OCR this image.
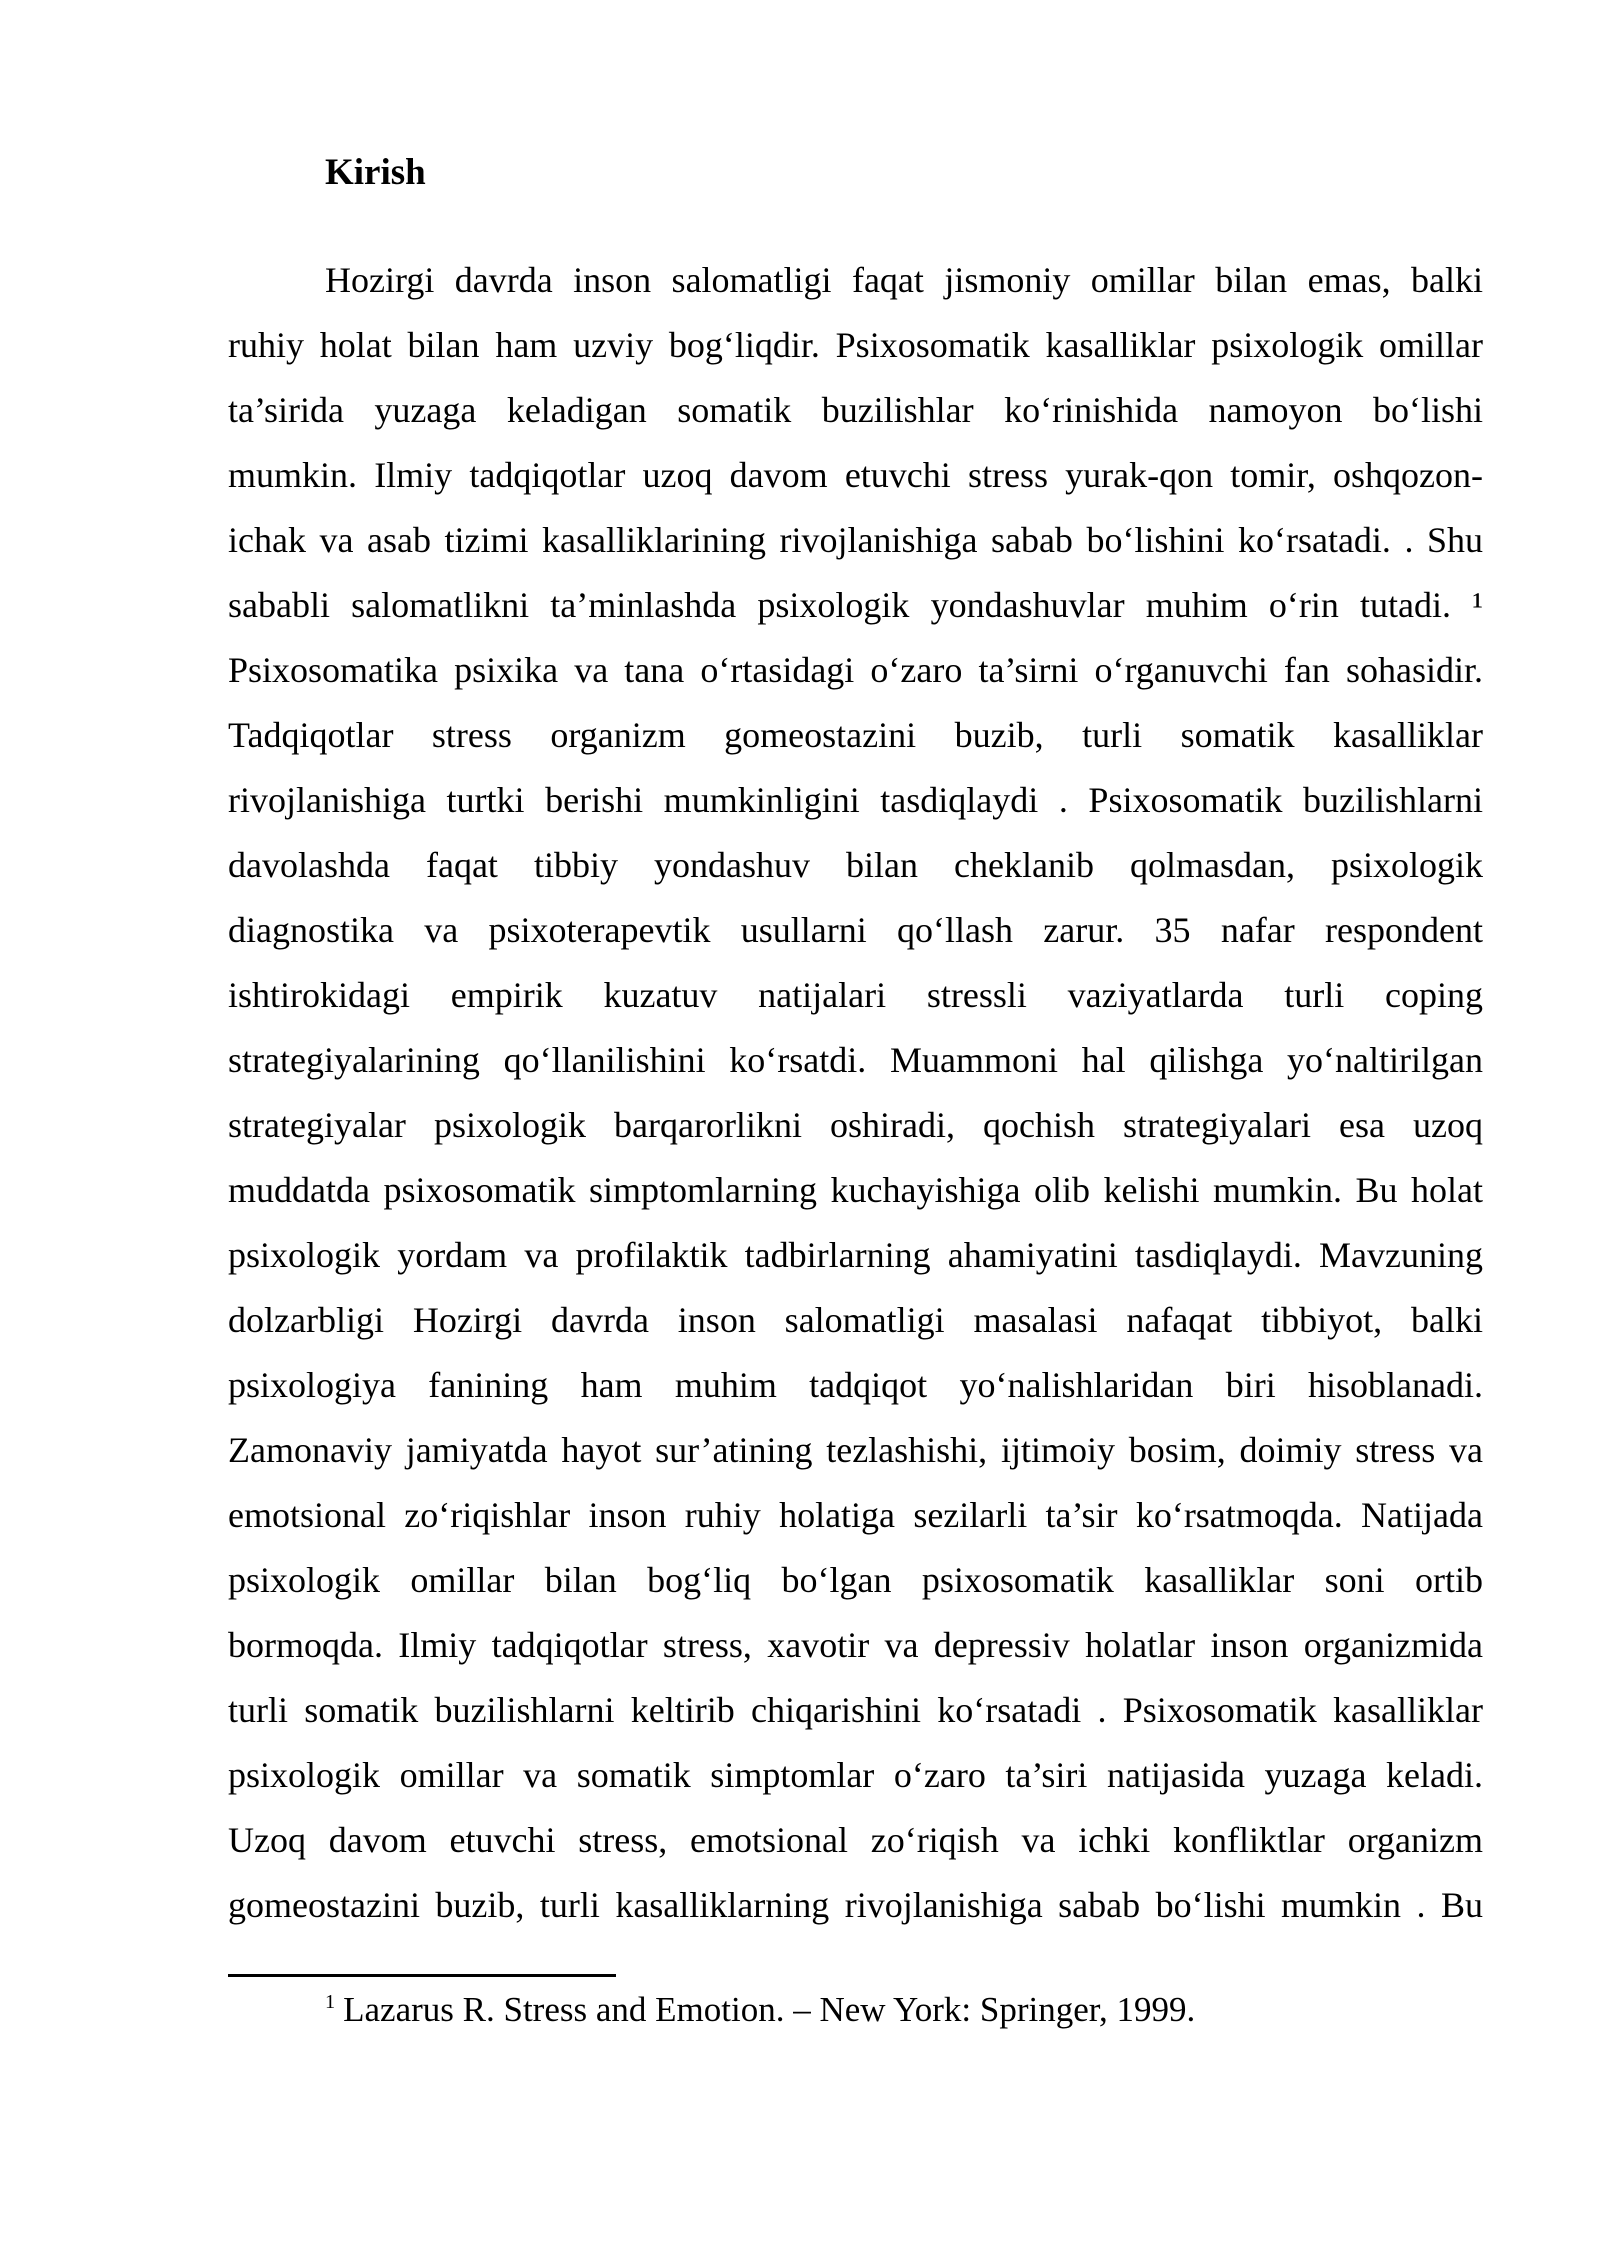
Kirish
Hozirgi davrda inson salomatligi faqat jismoniy omillar bilan emas, balki
ruhiy holat bilan ham uzviy bog‘liqdir. Psixosomatik kasalliklar psixologik omillar
ta’sirida yuzaga keladigan somatik buzilishlar ko‘rinishida namoyon bo‘lishi
mumkin. Ilmiy tadqiqotlar uzoq davom etuvchi stress yurak-qon tomir, oshqozon-
ichak va asab tizimi kasalliklarining rivojlanishiga sabab bo‘lishini ko‘rsatadi. . Shu
sababli salomatlikni ta’minlashda psixologik yondashuvlar muhim o‘rin tutadi. ¹
Psixosomatika psixika va tana o‘rtasidagi o‘zaro ta’sirni o‘rganuvchi fan sohasidir.
Tadqiqotlar stress organizm gomeostazini buzib, turli somatik kasalliklar
rivojlanishiga turtki berishi mumkinligini tasdiqlaydi . Psixosomatik buzilishlarni
davolashda faqat tibbiy yondashuv bilan cheklanib qolmasdan, psixologik
diagnostika va psixoterapevtik usullarni qo‘llash zarur. 35 nafar respondent
ishtirokidagi empirik kuzatuv natijalari stressli vaziyatlarda turli coping
strategiyalarining qo‘llanilishini ko‘rsatdi. Muammoni hal qilishga yo‘naltirilgan
strategiyalar psixologik barqarorlikni oshiradi, qochish strategiyalari esa uzoq
muddatda psixosomatik simptomlarning kuchayishiga olib kelishi mumkin. Bu holat
psixologik yordam va profilaktik tadbirlarning ahamiyatini tasdiqlaydi. Mavzuning
dolzarbligi Hozirgi davrda inson salomatligi masalasi nafaqat tibbiyot, balki
psixologiya fanining ham muhim tadqiqot yo‘nalishlaridan biri hisoblanadi.
Zamonaviy jamiyatda hayot sur’atining tezlashishi, ijtimoiy bosim, doimiy stress va
emotsional zo‘riqishlar inson ruhiy holatiga sezilarli ta’sir ko‘rsatmoqda. Natijada
psixologik omillar bilan bog‘liq bo‘lgan psixosomatik kasalliklar soni ortib
bormoqda. Ilmiy tadqiqotlar stress, xavotir va depressiv holatlar inson organizmida
turli somatik buzilishlarni keltirib chiqarishini ko‘rsatadi . Psixosomatik kasalliklar
psixologik omillar va somatik simptomlar o‘zaro ta’siri natijasida yuzaga keladi.
Uzoq davom etuvchi stress, emotsional zo‘riqish va ichki konfliktlar organizm
gomeostazini buzib, turli kasalliklarning rivojlanishiga sabab bo‘lishi mumkin . Bu
$^1$ Lazarus R. Stress and Emotion. – New York: Springer, 1999.
